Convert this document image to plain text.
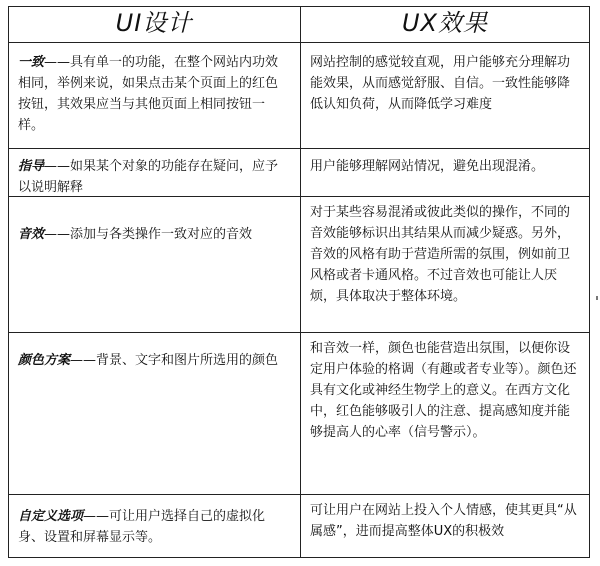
UI设计	UX效果
一致——具有单一的功能，在整个网站内功效相同，举例来说，如果点击某个页面上的红色按钮，其效果应当与其他页面上相同按钮一样。
网站控制的感觉较直观，用户能够充分理解功能效果，从而感觉舒服、自信。一致性能够降低认知负荷，从而降低学习难度
指导——如果某个对象的功能存在疑问，应予以说明解释
用户能够理解网站情况，避免出现混淆。
音效——添加与各类操作一致对应的音效
对于某些容易混淆或彼此类似的操作，不同的音效能够标识出其结果从而减少疑惑。另外，音效的风格有助于营造所需的氛围，例如前卫风格或者卡通风格。不过音效也可能让人厌烦，具体取决于整体环境。
颜色方案——背景、文字和图片所选用的颜色
和音效一样，颜色也能营造出氛围，以便你设定用户体验的格调（有趣或者专业等）。颜色还具有文化或神经生物学上的意义。在西方文化中，红色能够吸引人的注意、提高感知度并能够提高人的心率（信号警示）。
自定义选项——可让用户选择自己的虚拟化身、设置和屏幕显示等。
可让用户在网站上投入个人情感，使其更具“从属感”，进而提高整体UX的积极效
